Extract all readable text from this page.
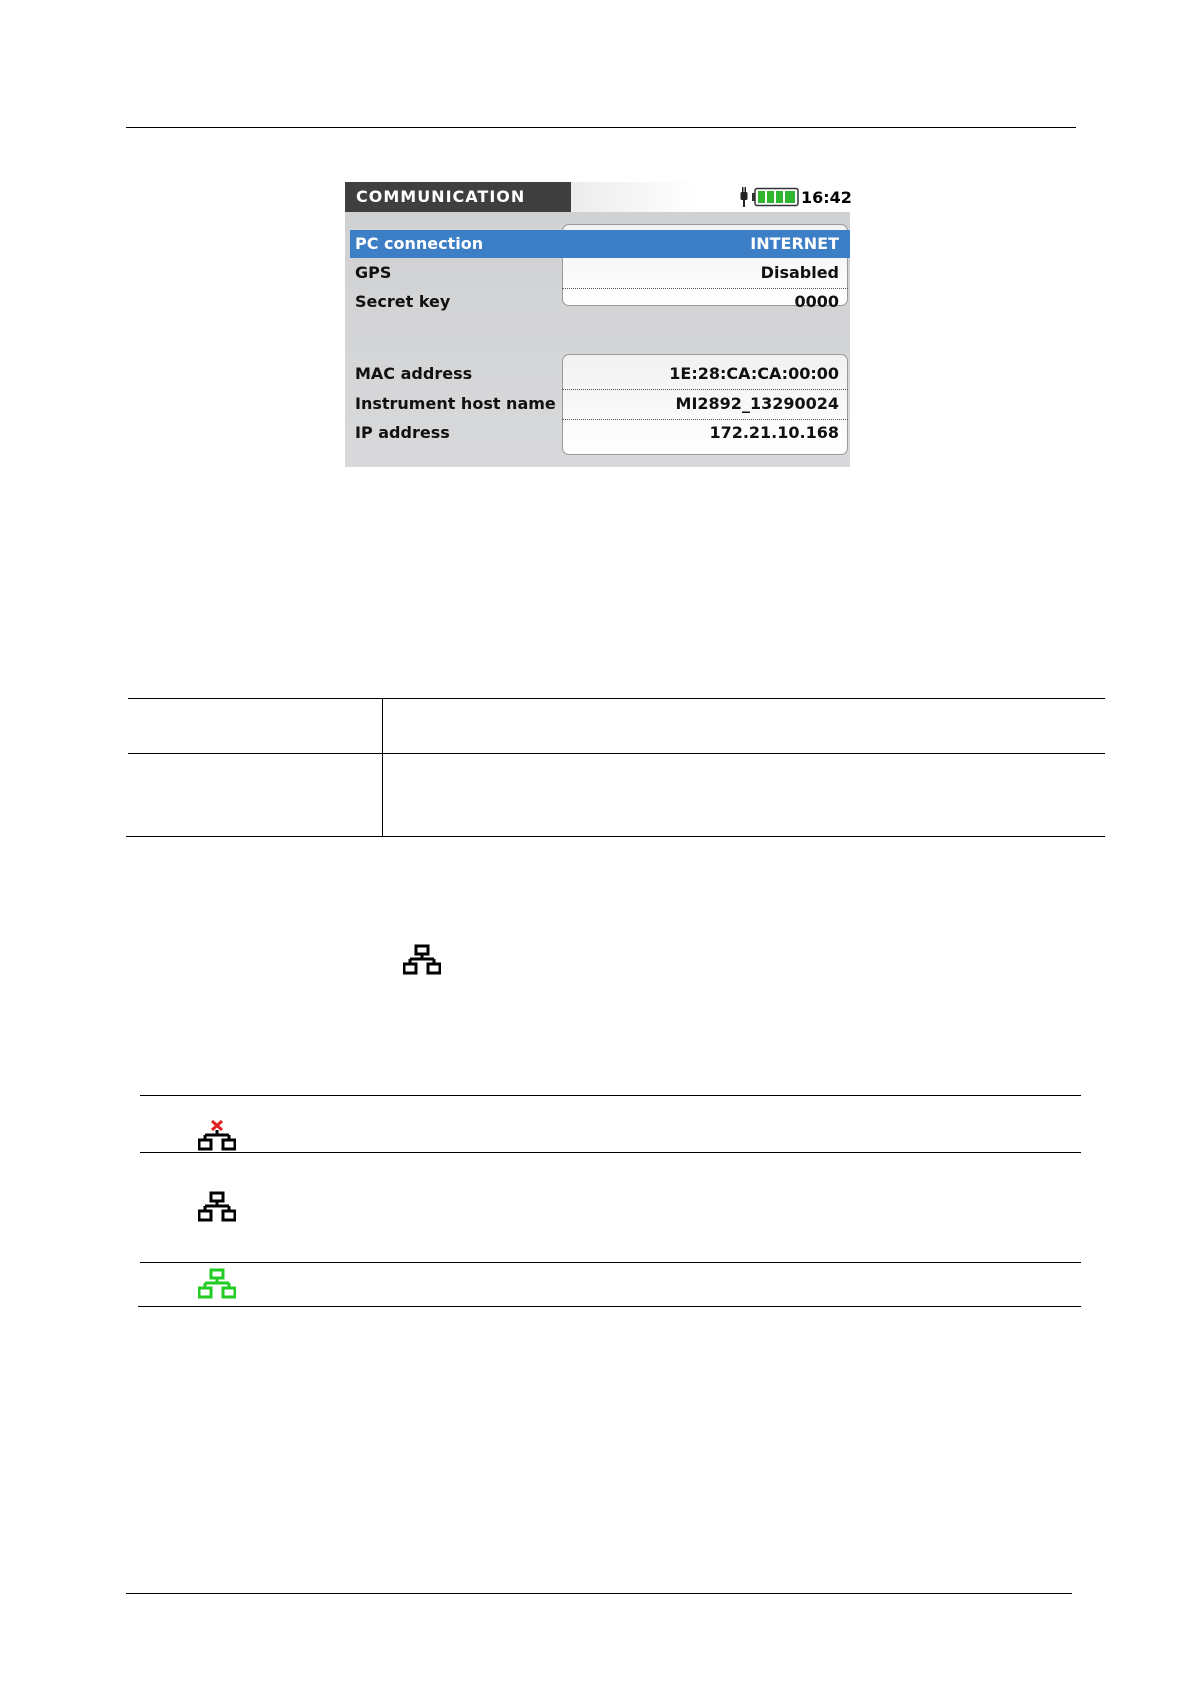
COMMUNICATION	16:42
PC connection	INTERNET
GPS	Disabled
Secret key	0000
MAC address	1E:28:CA:CA:00:00
Instrument host name	MI2892_13290024
IP address	172.21.10.168
